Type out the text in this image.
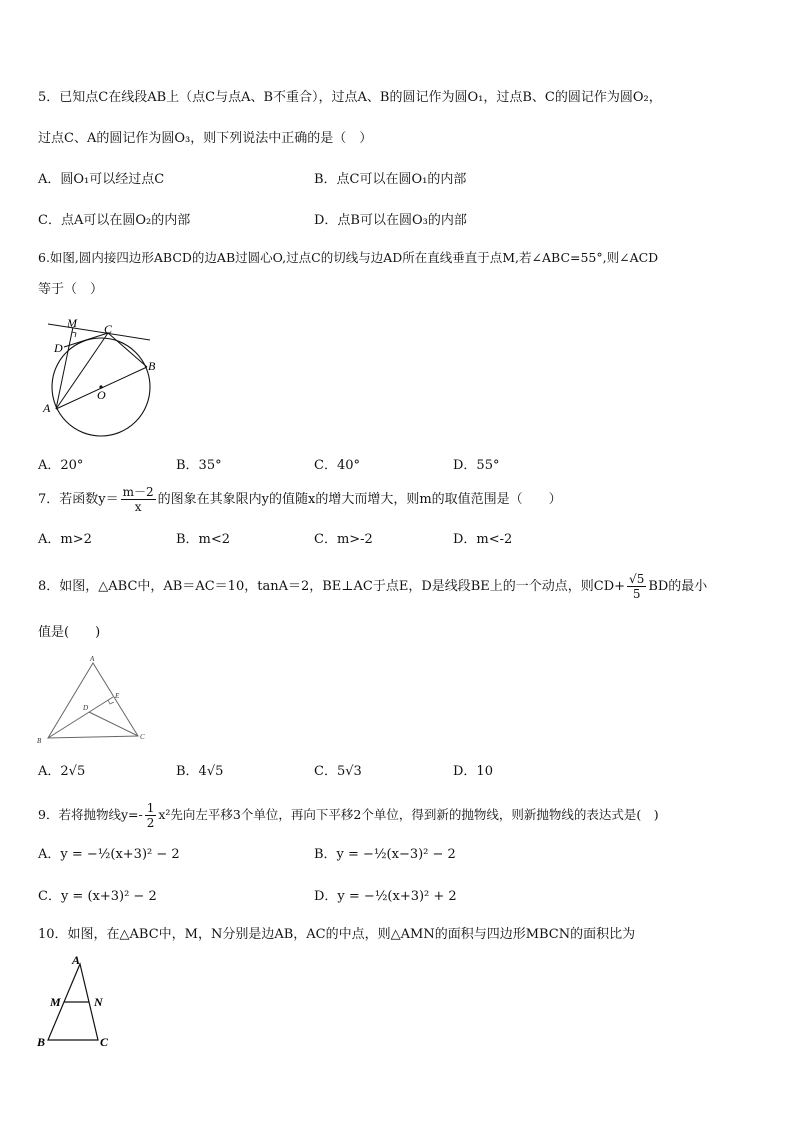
5．已知点C在线段AB上（点C与点A、B不重合），过点A、B的圆记作为圆O₁，过点B、C的圆记作为圆O₂，
过点C、A的圆记作为圆O₃，则下列说法中正确的是（　）
A．圆O₁可以经过点C	B．点C可以在圆O₁的内部
C．点A可以在圆O₂的内部	D．点B可以在圆O₃的内部
6.如图,圆内接四边形ABCD的边AB过圆心O,过点C的切线与边AD所在直线垂直于点M,若∠ABC=55°,则∠ACD
等于（　）
M C
D
B
O
A
A．20°	B．35°	C．40°	D．55°
7．若函数$y= \frac{m-2}{x}$ 的图象在其象限内y的值随x的增大而增大，则m的取值范围是（　　）
A．m>2	B．m<2	C．m>-2	D．m<-2
8．如图，△ABC中，AB＝AC＝10，tanA＝2，BE⊥AC于点E，D是线段BE上的一个动点，则$CD+ \frac{√5}{5}$ BD的最小
值是(　　)
A
E
D
B	C
A．2√5	B．4√5	C．5√3	D．10
9．若将抛物线$y=- \frac{1}{2} x^2$先向左平移3个单位，再向下平移2个单位，得到新的抛物线，则新抛物线的表达式是(　)
A．y = −½(x+3)² − 2	B．y = −½(x−3)² − 2
C．y = (x+3)² − 2	D．y = −½(x+3)² + 2
10．如图，在△ABC中，M，N分别是边AB，AC的中点，则△AMN的面积与四边形MBCN的面积比为
A
M	N
B	C
